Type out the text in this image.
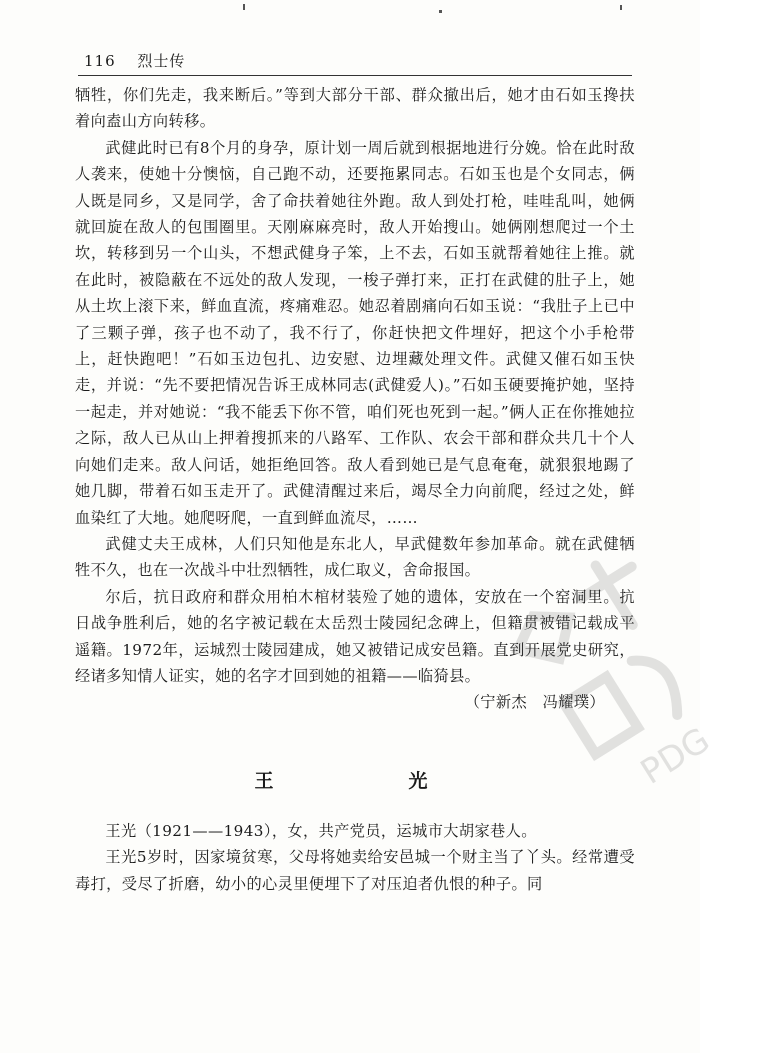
116 烈士传

牺牲，你们先走，我来断后。”等到大部分干部、群众撤出后，她才由石如玉搀扶着向盍山方向转移。

武健此时已有8个月的身孕，原计划一周后就到根据地进行分娩。恰在此时敌人袭来，使她十分懊恼，自己跑不动，还要拖累同志。石如玉也是个女同志，俩人既是同乡，又是同学，舍了命扶着她往外跑。敌人到处打枪，哇哇乱叫，她俩就回旋在敌人的包围圈里。天刚麻麻亮时，敌人开始搜山。她俩刚想爬过一个土坎，转移到另一个山头，不想武健身子笨，上不去，石如玉就帮着她往上推。就在此时，被隐蔽在不远处的敌人发现，一梭子弹打来，正打在武健的肚子上，她从土坎上滚下来，鲜血直流，疼痛难忍。她忍着剧痛向石如玉说：“我肚子上已中了三颗子弹，孩子也不动了，我不行了，你赶快把文件埋好，把这个小手枪带上，赶快跑吧！”石如玉边包扎、边安慰、边埋藏处理文件。武健又催石如玉快走，并说：“先不要把情况告诉王成林同志(武健爱人)。”石如玉硬要掩护她，坚持一起走，并对她说：“我不能丢下你不管，咱们死也死到一起。”俩人正在你推她拉之际，敌人已从山上押着搜抓来的八路军、工作队、农会干部和群众共几十个人向她们走来。敌人问话，她拒绝回答。敌人看到她已是气息奄奄，就狠狠地踢了她几脚，带着石如玉走开了。武健清醒过来后，竭尽全力向前爬，经过之处，鲜血染红了大地。她爬呀爬，一直到鲜血流尽，……

武健丈夫王成林，人们只知他是东北人，早武健数年参加革命。就在武健牺牲不久，也在一次战斗中壮烈牺牲，成仁取义，舍命报国。

尔后，抗日政府和群众用柏木棺材装殓了她的遗体，安放在一个窑洞里。抗日战争胜利后，她的名字被记载在太岳烈士陵园纪念碑上，但籍贯被错记载成平遥籍。1972年，运城烈士陵园建成，她又被错记成安邑籍。直到开展党史研究，经诸多知情人证实，她的名字才回到她的祖籍——临猗县。

（宁新杰　冯耀璞）

王　光

王光（1921——1943），女，共产党员，运城市大胡家巷人。

王光5岁时，因家境贫寒，父母将她卖给安邑城一个财主当了丫头。经常遭受毒打，受尽了折磨，幼小的心灵里便埋下了对压迫者仇恨的种子。同

PDG
